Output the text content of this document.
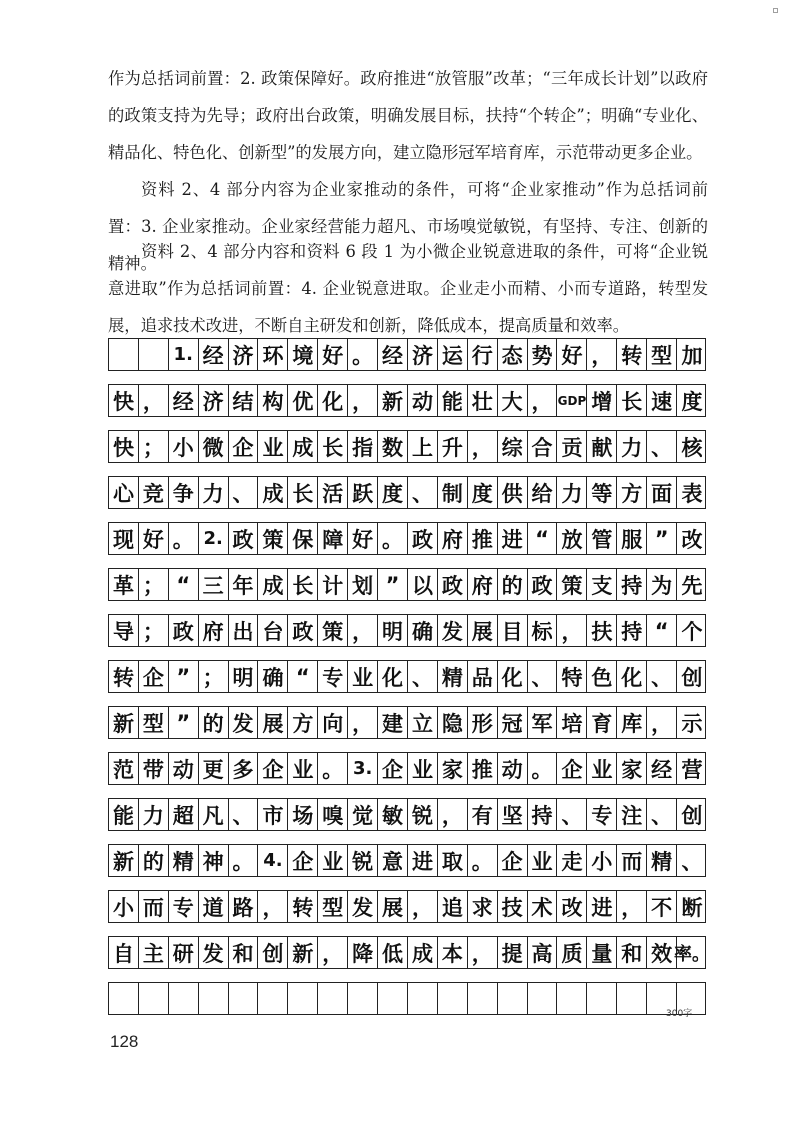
作为总括词前置：2. 政策保障好。政府推进“放管服”改革；“三年成长计划”以政府的政策支持为先导；政府出台政策，明确发展目标，扶持“个转企”；明确“专业化、精品化、特色化、创新型”的发展方向，建立隐形冠军培育库，示范带动更多企业。

资料 2、4 部分内容为企业家推动的条件，可将“企业家推动”作为总括词前置：3. 企业家推动。企业家经营能力超凡、市场嗅觉敏锐，有坚持、专注、创新的精神。

资料 2、4 部分内容和资料 6 段 1 为小微企业锐意进取的条件，可将“企业锐意进取”作为总括词前置：4. 企业锐意进取。企业走小而精、小而专道路，转型发展，追求技术改进，不断自主研发和创新，降低成本，提高质量和效率。

1. 经 济 环 境 好 。 经 济 运 行 态 势 好 ， 转 型 加
快 ， 经 济 结 构 优 化 ， 新 动 能 壮 大 ， GDP 增 长 速 度
快 ； 小 微 企 业 成 长 指 数 上 升 ， 综 合 贡 献 力 、 核
心 竞 争 力 、 成 长 活 跃 度 、 制 度 供 给 力 等 方 面 表
现 好 。 2. 政 策 保 障 好 。 政 府 推 进 “ 放 管 服 ” 改
革 ； “ 三 年 成 长 计 划 ” 以 政 府 的 政 策 支 持 为 先
导 ； 政 府 出 台 政 策 ， 明 确 发 展 目 标 ， 扶 持 “ 个
转 企 ” ； 明 确 “ 专 业 化 、 精 品 化 、 特 色 化 、 创
新 型 ” 的 发 展 方 向 ， 建 立 隐 形 冠 军 培 育 库 ， 示
范 带 动 更 多 企 业 。 3. 企 业 家 推 动 。 企 业 家 经 营
能 力 超 凡 、 市 场 嗅 觉 敏 锐 ， 有 坚 持 、 专 注 、 创
新 的 精 神 。 4. 企 业 锐 意 进 取 。 企 业 走 小 而 精 、
小 而 专 道 路 ， 转 型 发 展 ， 追 求 技 术 改 进 ， 不 断
自 主 研 发 和 创 新 ， 降 低 成 本 ， 提 高 质 量 和 效 率。
300字
128
